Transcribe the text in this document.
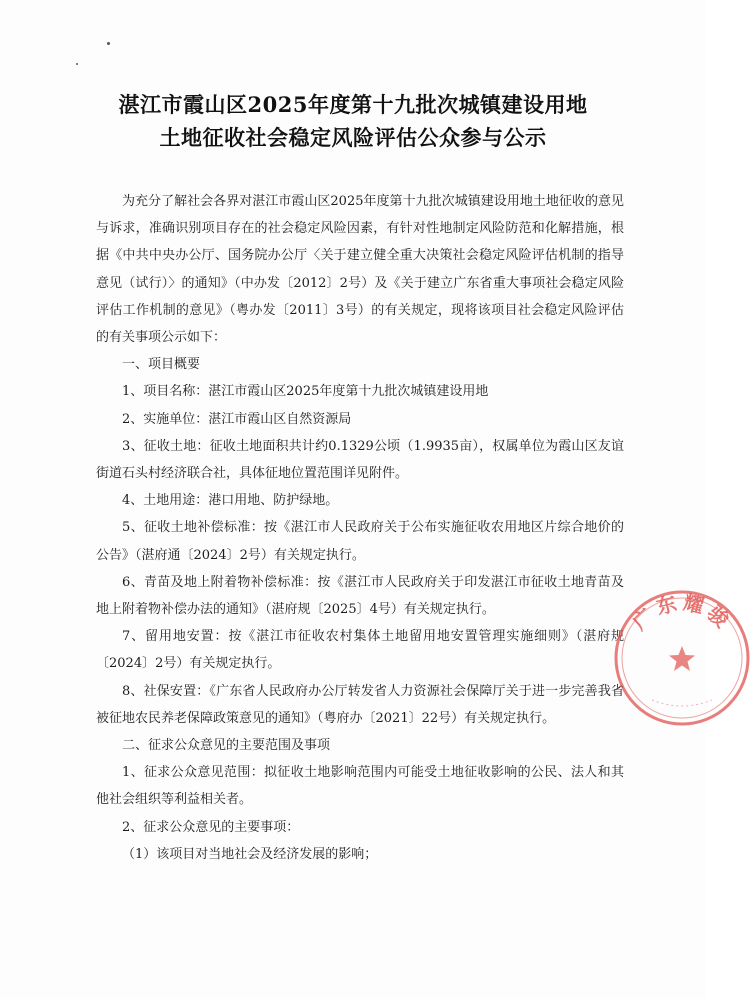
湛江市霞山区2025年度第十九批次城镇建设用地
土地征收社会稳定风险评估公众参与公示

为充分了解社会各界对湛江市霞山区2025年度第十九批次城镇建设用地土地征收的意见与诉求，准确识别项目存在的社会稳定风险因素，有针对性地制定风险防范和化解措施，根据《中共中央办公厅、国务院办公厅〈关于建立健全重大决策社会稳定风险评估机制的指导意见（试行）〉的通知》（中办发〔2012〕2号）及《关于建立广东省重大事项社会稳定风险评估工作机制的意见》（粤办发〔2011〕3号）的有关规定，现将该项目社会稳定风险评估的有关事项公示如下：

一、项目概要

1、项目名称：湛江市霞山区2025年度第十九批次城镇建设用地

2、实施单位：湛江市霞山区自然资源局

3、征收土地：征收土地面积共计约0.1329公顷（1.9935亩），权属单位为霞山区友谊街道石头村经济联合社，具体征地位置范围详见附件。

4、土地用途：港口用地、防护绿地。

5、征收土地补偿标准：按《湛江市人民政府关于公布实施征收农用地区片综合地价的公告》（湛府通〔2024〕2号）有关规定执行。

6、青苗及地上附着物补偿标准：按《湛江市人民政府关于印发湛江市征收土地青苗及地上附着物补偿办法的通知》（湛府规〔2025〕4号）有关规定执行。

7、留用地安置：按《湛江市征收农村集体土地留用地安置管理实施细则》（湛府规〔2024〕2号）有关规定执行。

8、社保安置：《广东省人民政府办公厅转发省人力资源社会保障厅关于进一步完善我省被征地农民养老保障政策意见的通知》（粤府办〔2021〕22号）有关规定执行。

二、征求公众意见的主要范围及事项

1、征求公众意见范围：拟征收土地影响范围内可能受土地征收影响的公民、法人和其他社会组织等利益相关者。

2、征求公众意见的主要事项：

（1）该项目对当地社会及经济发展的影响；

广东耀骏
